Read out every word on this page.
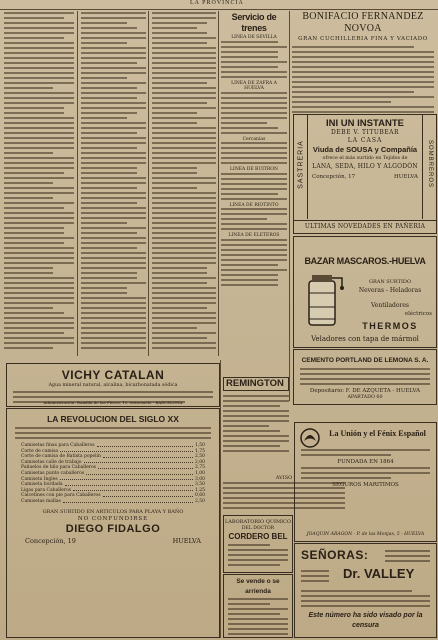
LA PROVINCIA
Servicio de trenes
LINEA DE SEVILLA
LINEA DE ZAFRA A HUELVA
Cercanías
LINEA DE BUITRON
LINEA DE RIOTINTO
LINEA DE ELETEROS
BONIFACIO FERNANDEZ NOVOA
GRAN CUCHILLERIA FINA Y VACIADO
SASTRERIA	SOMBREROS
INI UN INSTANTE
DEBE V. TITUBEAR
LA CASA
Viuda de SOUSA y Compañía
ofrece el más surtido en Tejidos de
LANA, SEDA, HILO Y ALGODÓN
Concepción, 17	HUELVA
ULTIMAS NOVEDADES EN PAÑERIA
BAZAR MASCAROS.-HUELVA
GRAN SURTIDO
Neveras - Heladoras
Ventiladores
eléctricos
THERMOS
Veladores con tapa de mármol
CEMENTO PORTLAND DE LEMONA S. A.
Depositario: F. DE AZQUETA - HUELVA
APARTADO 60
VICHY CATALAN
Agua mineral natural, alcalina, bicarbonatada sódica
Administración: Rambla de las Flores, 10, entresuelo - BARCELONA
LA REVOLUCION DEL SIGLO XX
Camisetas finas para Caballeros	1,50
Corte de camisa	1,75
Corte de camisa de Batista popelín	2,50
Camisetas calle de trabajo	2,00
Pañuelos de hilo para Caballeros	2,75
Camisetas punto caballeros	1,00
Camiseta Ingles	3,00
Camiseta bordada	3,50
Ligas para Caballeros	1,25
Calcetines con pie para Caballeros	0,60
Camisetas mallas	2,50
GRAN SURTIDO EN ARTICULOS PARA PLAYA Y BAÑO
NO CONFUNDIRSE
DIEGO FIDALGO
Concepción, 19	HUELVA
REMINGTON
AVISO
LABORATORIO QUIMICO
DEL DOCTOR
CORDERO BEL
Se vende o se arrienda
La Unión y el Fénix Español
FUNDADA EN 1864
SEGUROS MARITIMOS
JOAQUIN ARAGON - P. de las Monjas, 5 - HUELVA
SEÑORAS:
Dr. VALLEY
Este número ha sido visado por la censura
